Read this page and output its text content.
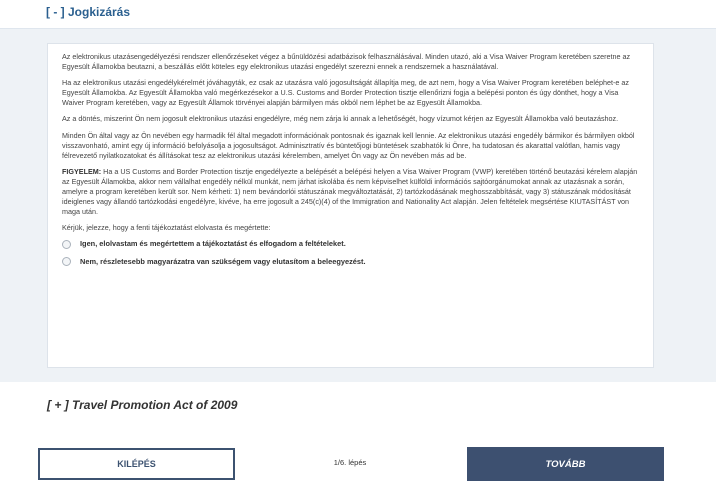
[ - ] Jogkizárás

Az elektronikus utazásengedélyezési rendszer ellenőrzéseket végez a bűnüldözési adatbázisok felhasználásával. Minden utazó, aki a Visa Waiver Program keretében szeretne az Egyesült Államokba beutazni, a beszállás előtt köteles egy elektronikus utazási engedélyt szerezni ennek a rendszernek a használatával.

Ha az elektronikus utazási engedélykérelmét jóváhagyták, ez csak az utazásra való jogosultságát állapítja meg, de azt nem, hogy a Visa Waiver Program keretében beléphet-e az Egyesült Államokba. Az Egyesült Államokba való megérkezésekor a U.S. Customs and Border Protection tisztje ellenőrizni fogja a belépési ponton és úgy dönthet, hogy a Visa Waiver Program keretében, vagy az Egyesült Államok törvényei alapján bármilyen más okból nem léphet be az Egyesült Államokba.

Az a döntés, miszerint Ön nem jogosult elektronikus utazási engedélyre, még nem zárja ki annak a lehetőségét, hogy vízumot kérjen az Egyesült Államokba való beutazáshoz.

Minden Ön által vagy az Ön nevében egy harmadik fél által megadott információnak pontosnak és igaznak kell lennie. Az elektronikus utazási engedély bármikor és bármilyen okból visszavonható, amint egy új információ befolyásolja a jogosultságot. Adminisztratív és büntetőjogi büntetések szabhatók ki Önre, ha tudatosan és akarattal valótlan, hamis vagy félrevezető nyilatkozatokat és állításokat tesz az elektronikus utazási kérelemben, amelyet Ön vagy az Ön nevében más ad be.

FIGYELEM: Ha a US Customs and Border Protection tisztje engedélyezte a belépését a belépési helyen a Visa Waiver Program (VWP) keretében történő beutazási kérelem alapján az Egyesült Államokba, akkor nem vállalhat engedély nélkül munkát, nem járhat iskolába és nem képviselhet külföldi információs sajtóorgánumokat annak az utazásnak a során, amelyre a program keretében került sor. Nem kérheti: 1) nem bevándorlói státuszának megváltoztatását, 2) tartózkodásának meghosszabbítását, vagy 3) státuszának módosítását ideiglenes vagy állandó tartózkodási engedélyre, kivéve, ha erre jogosult a 245(c)(4) of the Immigration and Nationality Act alapján. Jelen feltételek megsértése KIUTASÍTÁST von maga után.

Kérjük, jelezze, hogy a fenti tájékoztatást elolvasta és megértette:

Igen, elolvastam és megértettem a tájékoztatást és elfogadom a feltételeket.
Nem, részletesebb magyarázatra van szükségem vagy elutasítom a beleegyezést.
[ + ] Travel Promotion Act of 2009
KILÉPÉS	1/6. lépés	TOVÁBB
